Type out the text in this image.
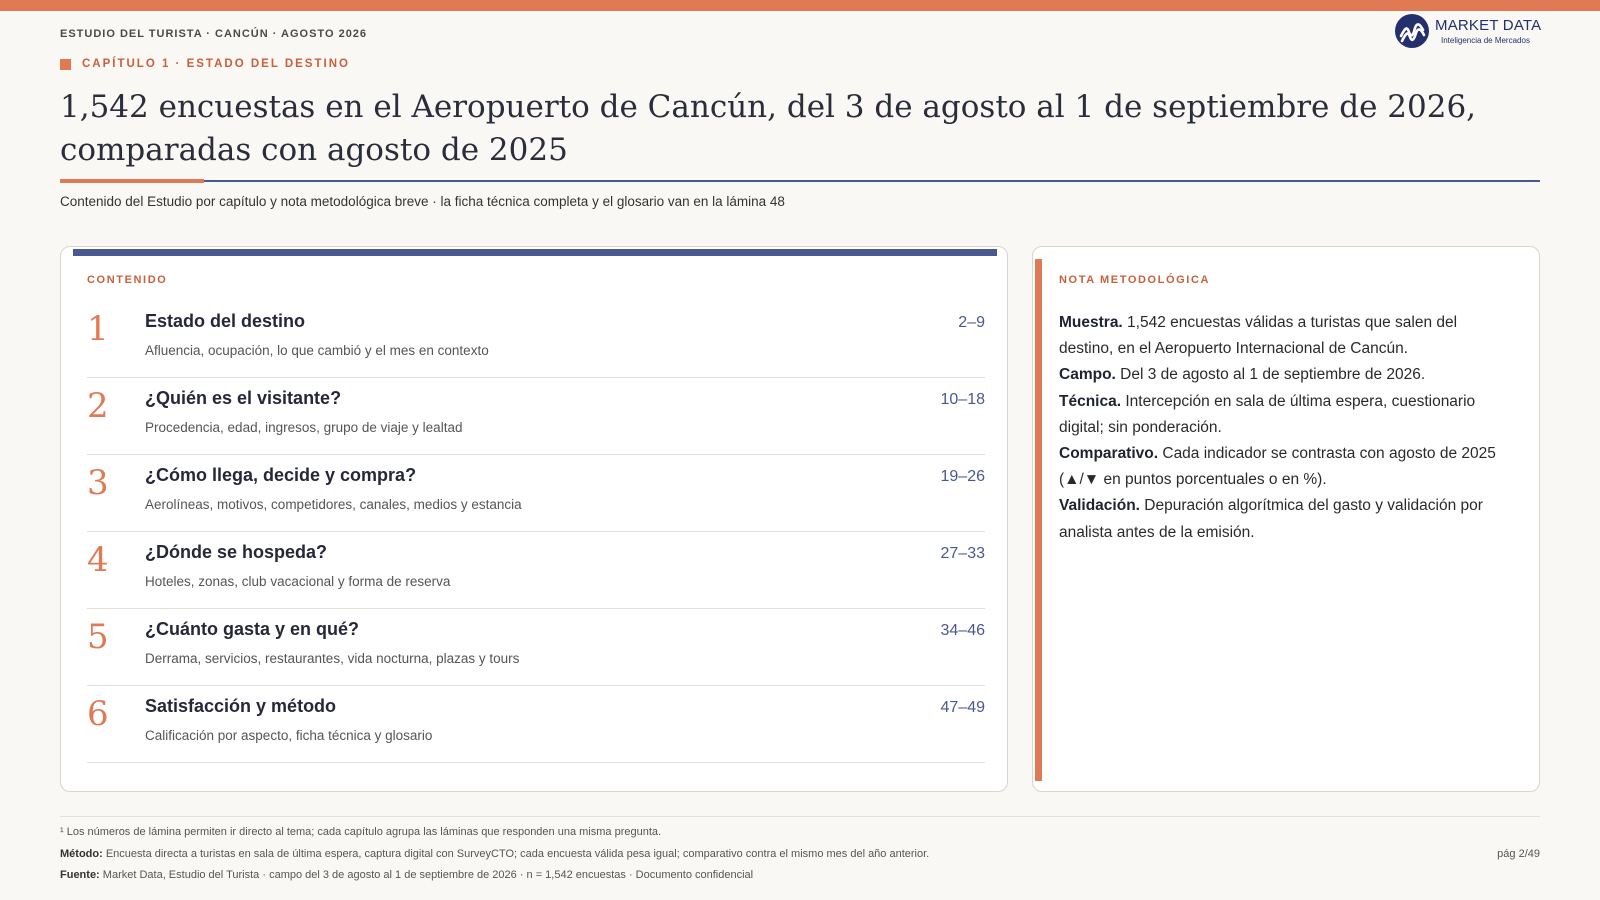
ESTUDIO DEL TURISTA · CANCÚN · AGOSTO 2026
MARKET DATA
Inteligencia de Mercados
CAPÍTULO 1 · ESTADO DEL DESTINO
1,542 encuestas en el Aeropuerto de Cancún, del 3 de agosto al 1 de septiembre de 2026, comparadas con agosto de 2025
Contenido del Estudio por capítulo y nota metodológica breve · la ficha técnica completa y el glosario van en la lámina 48
CONTENIDO
1 Estado del destino
Afluencia, ocupación, lo que cambió y el mes en contexto
2–9
2 ¿Quién es el visitante?
Procedencia, edad, ingresos, grupo de viaje y lealtad
10–18
3 ¿Cómo llega, decide y compra?
Aerolíneas, motivos, competidores, canales, medios y estancia
19–26
4 ¿Dónde se hospeda?
Hoteles, zonas, club vacacional y forma de reserva
27–33
5 ¿Cuánto gasta y en qué?
Derrama, servicios, restaurantes, vida nocturna, plazas y tours
34–46
6 Satisfacción y método
Calificación por aspecto, ficha técnica y glosario
47–49
NOTA METODOLÓGICA
Muestra. 1,542 encuestas válidas a turistas que salen del destino, en el Aeropuerto Internacional de Cancún.
Campo. Del 3 de agosto al 1 de septiembre de 2026.
Técnica. Intercepción en sala de última espera, cuestionario digital; sin ponderación.
Comparativo. Cada indicador se contrasta con agosto de 2025 (▲/▼ en puntos porcentuales o en %).
Validación. Depuración algorítmica del gasto y validación por analista antes de la emisión.
¹ Los números de lámina permiten ir directo al tema; cada capítulo agrupa las láminas que responden una misma pregunta.
Método: Encuesta directa a turistas en sala de última espera, captura digital con SurveyCTO; cada encuesta válida pesa igual; comparativo contra el mismo mes del año anterior.
Fuente: Market Data, Estudio del Turista · campo del 3 de agosto al 1 de septiembre de 2026 · n = 1,542 encuestas · Documento confidencial
pág 2/49
